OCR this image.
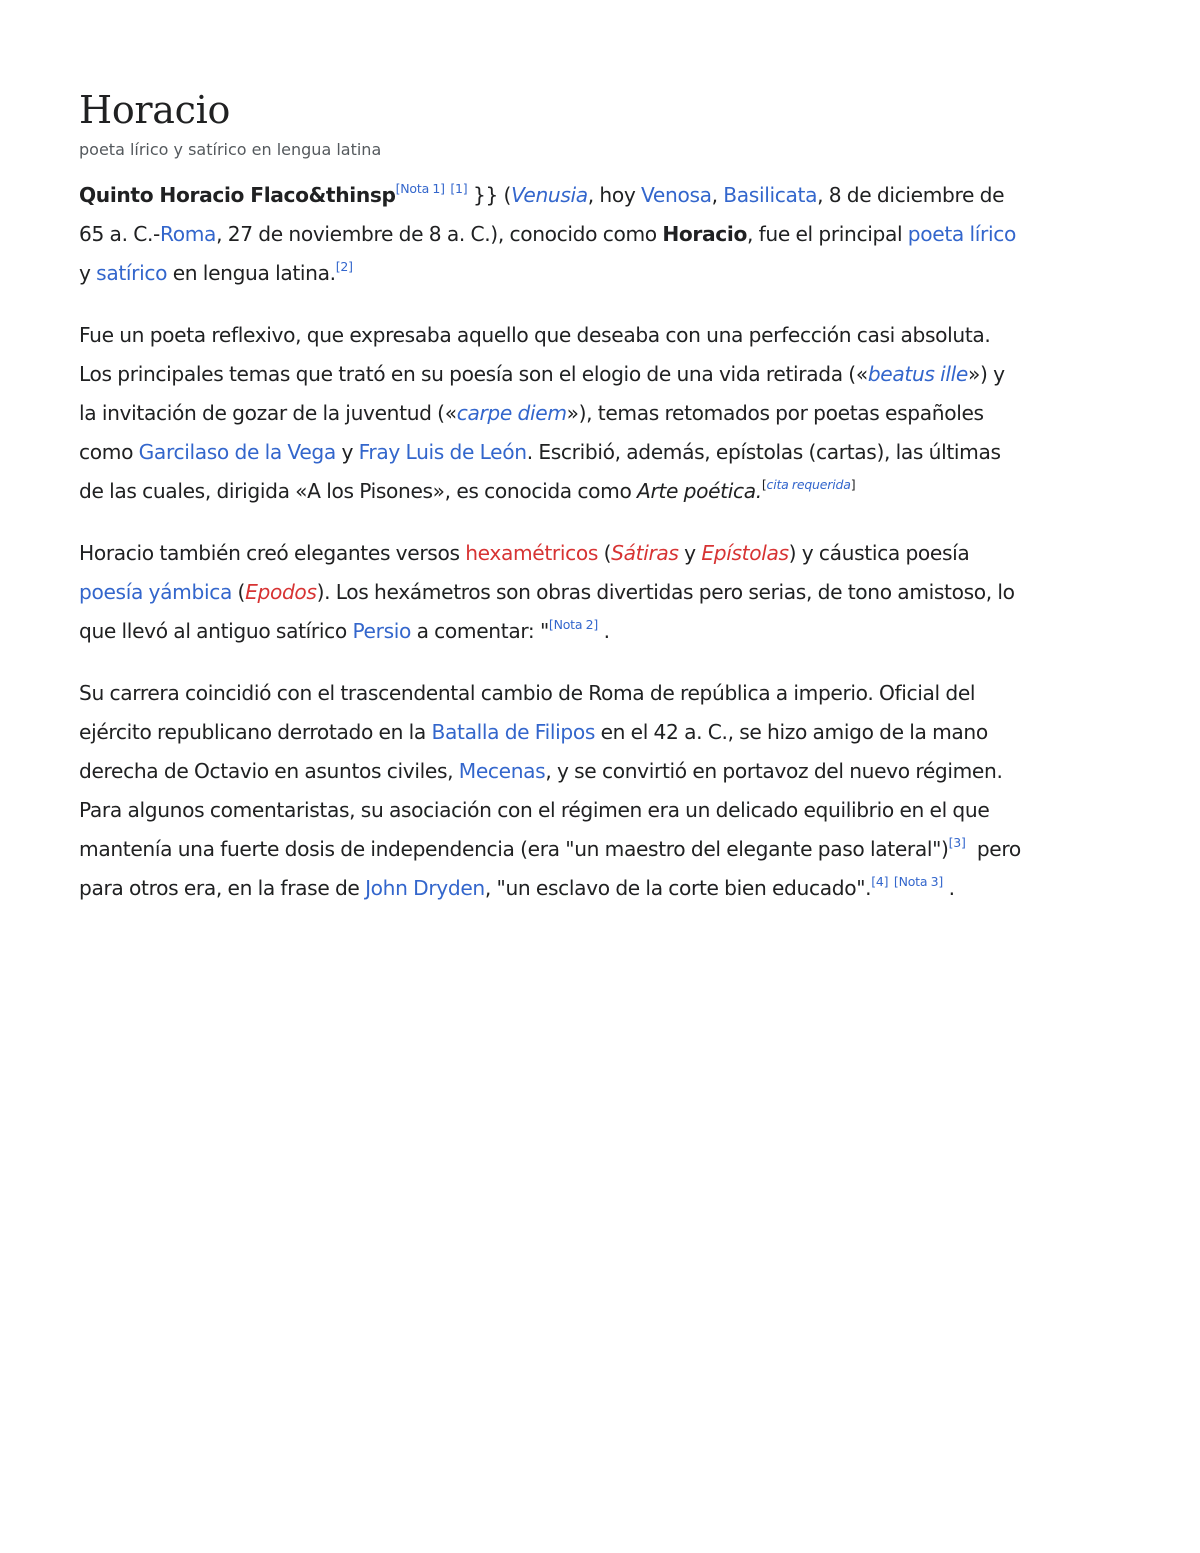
Horacio
poeta lírico y satírico en lengua latina

Quinto Horacio Flaco&thinsp[Nota 1] [1] }} (Venusia, hoy Venosa, Basilicata, 8 de diciembre de
65 a. C.-Roma, 27 de noviembre de 8 a. C.), conocido como Horacio, fue el principal poeta lírico
y satírico en lengua latina.[2]

Fue un poeta reflexivo, que expresaba aquello que deseaba con una perfección casi absoluta.
Los principales temas que trató en su poesía son el elogio de una vida retirada («beatus ille») y
la invitación de gozar de la juventud («carpe diem»), temas retomados por poetas españoles
como Garcilaso de la Vega y Fray Luis de León. Escribió, además, epístolas (cartas), las últimas
de las cuales, dirigida «A los Pisones», es conocida como Arte poética.[cita requerida]

Horacio también creó elegantes versos hexamétricos (Sátiras y Epístolas) y cáustica poesía
poesía yámbica (Epodos). Los hexámetros son obras divertidas pero serias, de tono amistoso, lo
que llevó al antiguo satírico Persio a comentar: "[Nota 2] .

Su carrera coincidió con el trascendental cambio de Roma de república a imperio. Oficial del
ejército republicano derrotado en la Batalla de Filipos en el 42 a. C., se hizo amigo de la mano
derecha de Octavio en asuntos civiles, Mecenas, y se convirtió en portavoz del nuevo régimen.
Para algunos comentaristas, su asociación con el régimen era un delicado equilibrio en el que
mantenía una fuerte dosis de independencia (era "un maestro del elegante paso lateral")[3]  pero
para otros era, en la frase de John Dryden, "un esclavo de la corte bien educado".[4] [Nota 3] .
